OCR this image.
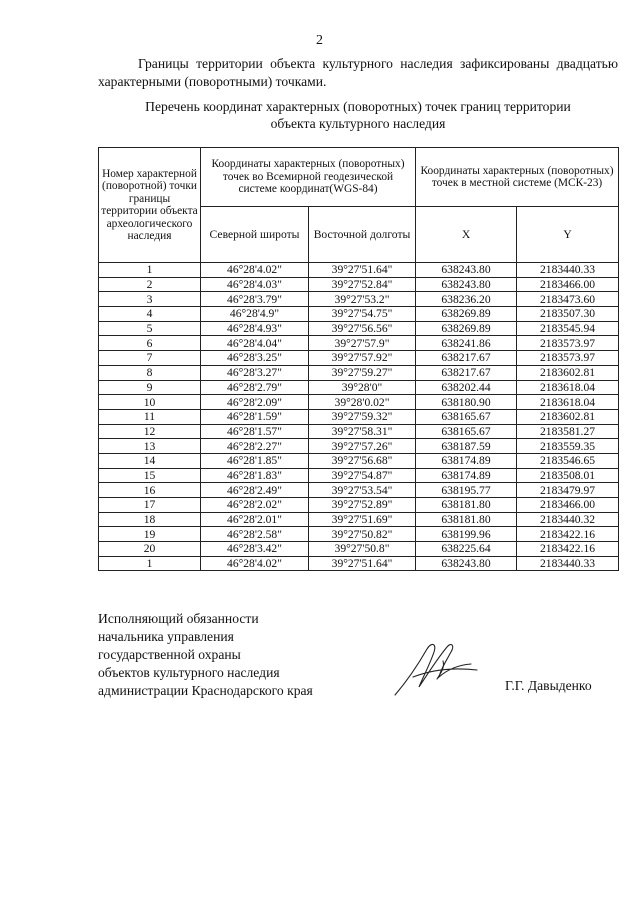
2
Границы территории объекта культурного наследия зафиксированы двадцатью характерными (поворотными) точками.
Перечень координат характерных (поворотных) точек границ территории
объекта культурного наследия
Номер характерной (поворотной) точки границы территории объекта археологического наследия	Координаты характерных (поворотных) точек во Всемирной геодезической системе координат(WGS-84)		Координаты характерных (поворотных) точек в местной системе (МСК-23)	
	Северной широты	Восточной долготы	X	Y
1	46°28'4.02"	39°27'51.64"	638243.80	2183440.33
2	46°28'4.03"	39°27'52.84"	638243.80	2183466.00
3	46°28'3.79"	39°27'53.2"	638236.20	2183473.60
4	46°28'4.9"	39°27'54.75"	638269.89	2183507.30
5	46°28'4.93"	39°27'56.56"	638269.89	2183545.94
6	46°28'4.04"	39°27'57.9"	638241.86	2183573.97
7	46°28'3.25"	39°27'57.92"	638217.67	2183573.97
8	46°28'3.27"	39°27'59.27"	638217.67	2183602.81
9	46°28'2.79"	39°28'0"	638202.44	2183618.04
10	46°28'2.09"	39°28'0.02"	638180.90	2183618.04
11	46°28'1.59"	39°27'59.32"	638165.67	2183602.81
12	46°28'1.57"	39°27'58.31"	638165.67	2183581.27
13	46°28'2.27"	39°27'57.26"	638187.59	2183559.35
14	46°28'1.85"	39°27'56.68"	638174.89	2183546.65
15	46°28'1.83"	39°27'54.87"	638174.89	2183508.01
16	46°28'2.49"	39°27'53.54"	638195.77	2183479.97
17	46°28'2.02"	39°27'52.89"	638181.80	2183466.00
18	46°28'2.01"	39°27'51.69"	638181.80	2183440.32
19	46°28'2.58"	39°27'50.82"	638199.96	2183422.16
20	46°28'3.42"	39°27'50.8"	638225.64	2183422.16
1	46°28'4.02"	39°27'51.64"	638243.80	2183440.33
Исполняющий обязанности
начальника управления
государственной охраны
объектов культурного наследия
администрации Краснодарского края	Г.Г. Давыденко
